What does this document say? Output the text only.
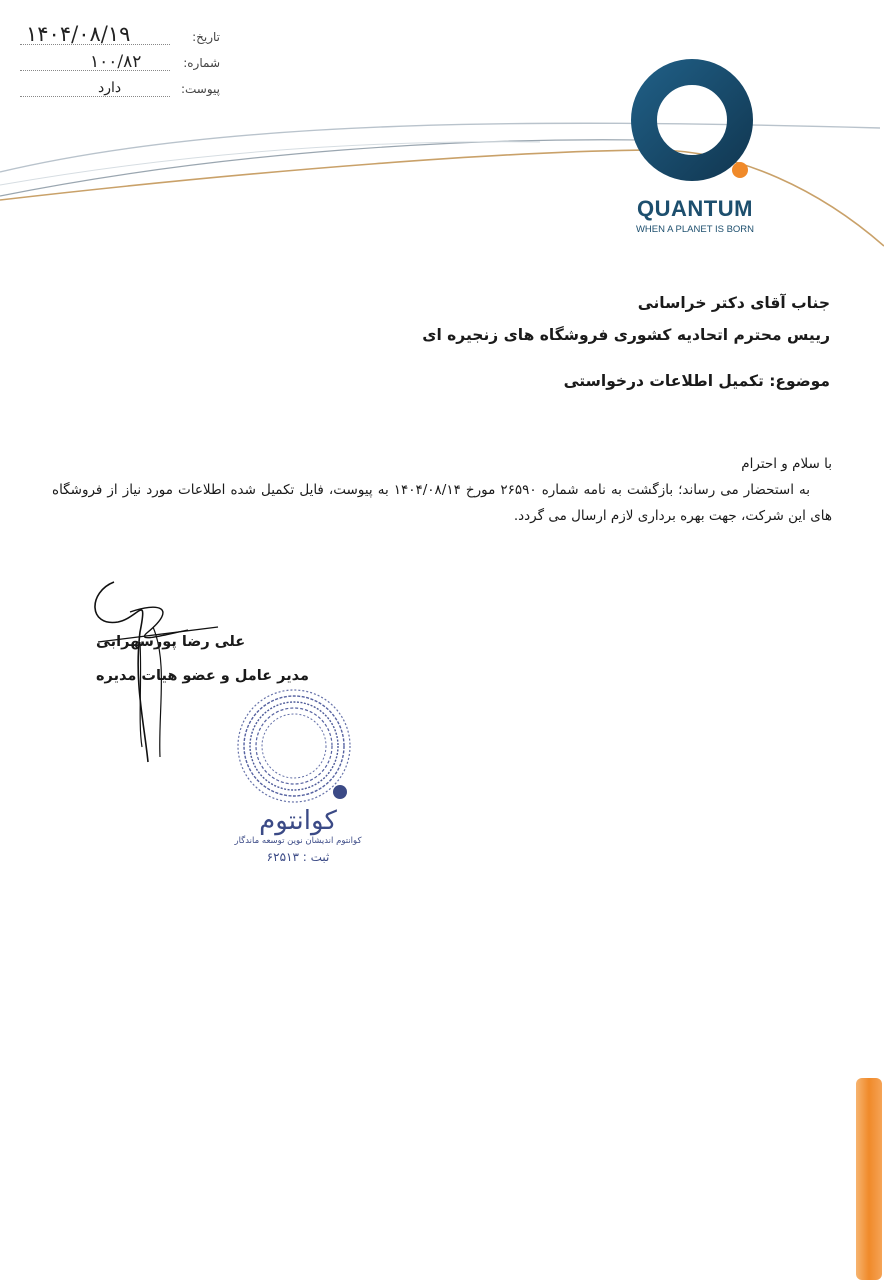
۱۴۰۴/۰۸/۱۹	تاریخ:
۱۰۰/۸۲	شماره:
دارد	پیوست:
QUANTUM
WHEN A PLANET IS BORN
جناب آقای دکتر خراسانی
رییس محترم اتحادیه کشوری فروشگاه های زنجیره ای
موضوع: تکمیل اطلاعات درخواستی
با سلام و احترام
به استحضار می رساند؛ بازگشت به نامه شماره ۲۶۵۹۰ مورخ ۱۴۰۴/۰۸/۱۴ به پیوست، فایل تکمیل شده اطلاعات مورد نیاز از فروشگاه های این شرکت، جهت بهره برداری لازم ارسال می گردد.
علی رضا پورسهرابی
مدیر عامل و عضو هیات مدیره
کوانتوم
کوانتوم اندیشان نوین توسعه ماندگار
ثبت : ۶۲۵۱۳
